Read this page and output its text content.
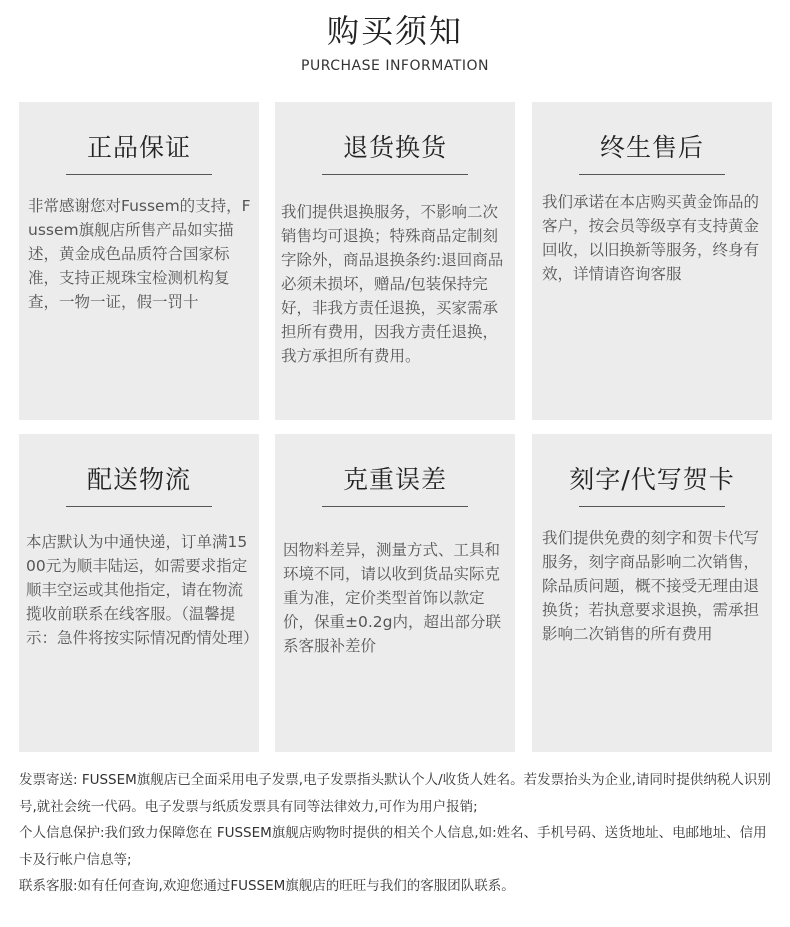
购买须知
PURCHASE INFORMATION
正品保证
非常感谢您对Fussem的支持，Fussem旗舰店所售产品如实描述，黄金成色品质符合国家标准，支持正规珠宝检测机构复查，一物一证，假一罚十
退货换货
我们提供退换服务，不影响二次销售均可退换；特殊商品定制刻字除外，商品退换条约:退回商品必须未损坏，赠品/包装保持完好，非我方责任退换，买家需承担所有费用，因我方责任退换，我方承担所有费用。
终生售后
我们承诺在本店购买黄金饰品的客户，按会员等级享有支持黄金回收，以旧换新等服务，终身有效，详情请咨询客服
配送物流
本店默认为中通快递，订单满1500元为顺丰陆运，如需要求指定顺丰空运或其他指定，请在物流揽收前联系在线客服。（温馨提示：急件将按实际情况酌情处理）
克重误差
因物料差异，测量方式、工具和环境不同，请以收到货品实际克重为准，定价类型首饰以款定价，保重±0.2g内，超出部分联系客服补差价
刻字/代写贺卡
我们提供免费的刻字和贺卡代写服务，刻字商品影响二次销售，除品质问题，概不接受无理由退换货；若执意要求退换，需承担影响二次销售的所有费用

发票寄送: FUSSEM旗舰店已全面采用电子发票,电子发票指头默认个人/收货人姓名。若发票抬头为企业,请同时提供纳税人识别号,就社会统一代码。电子发票与纸质发票具有同等法律效力,可作为用户报销;

个人信息保护:我们致力保障您在 FUSSEM旗舰店购物时提供的相关个人信息,如:姓名、手机号码、送货地址、电邮地址、信用卡及行帐户信息等;

联系客服:如有任何查询,欢迎您通过FUSSEM旗舰店的旺旺与我们的客服团队联系。
